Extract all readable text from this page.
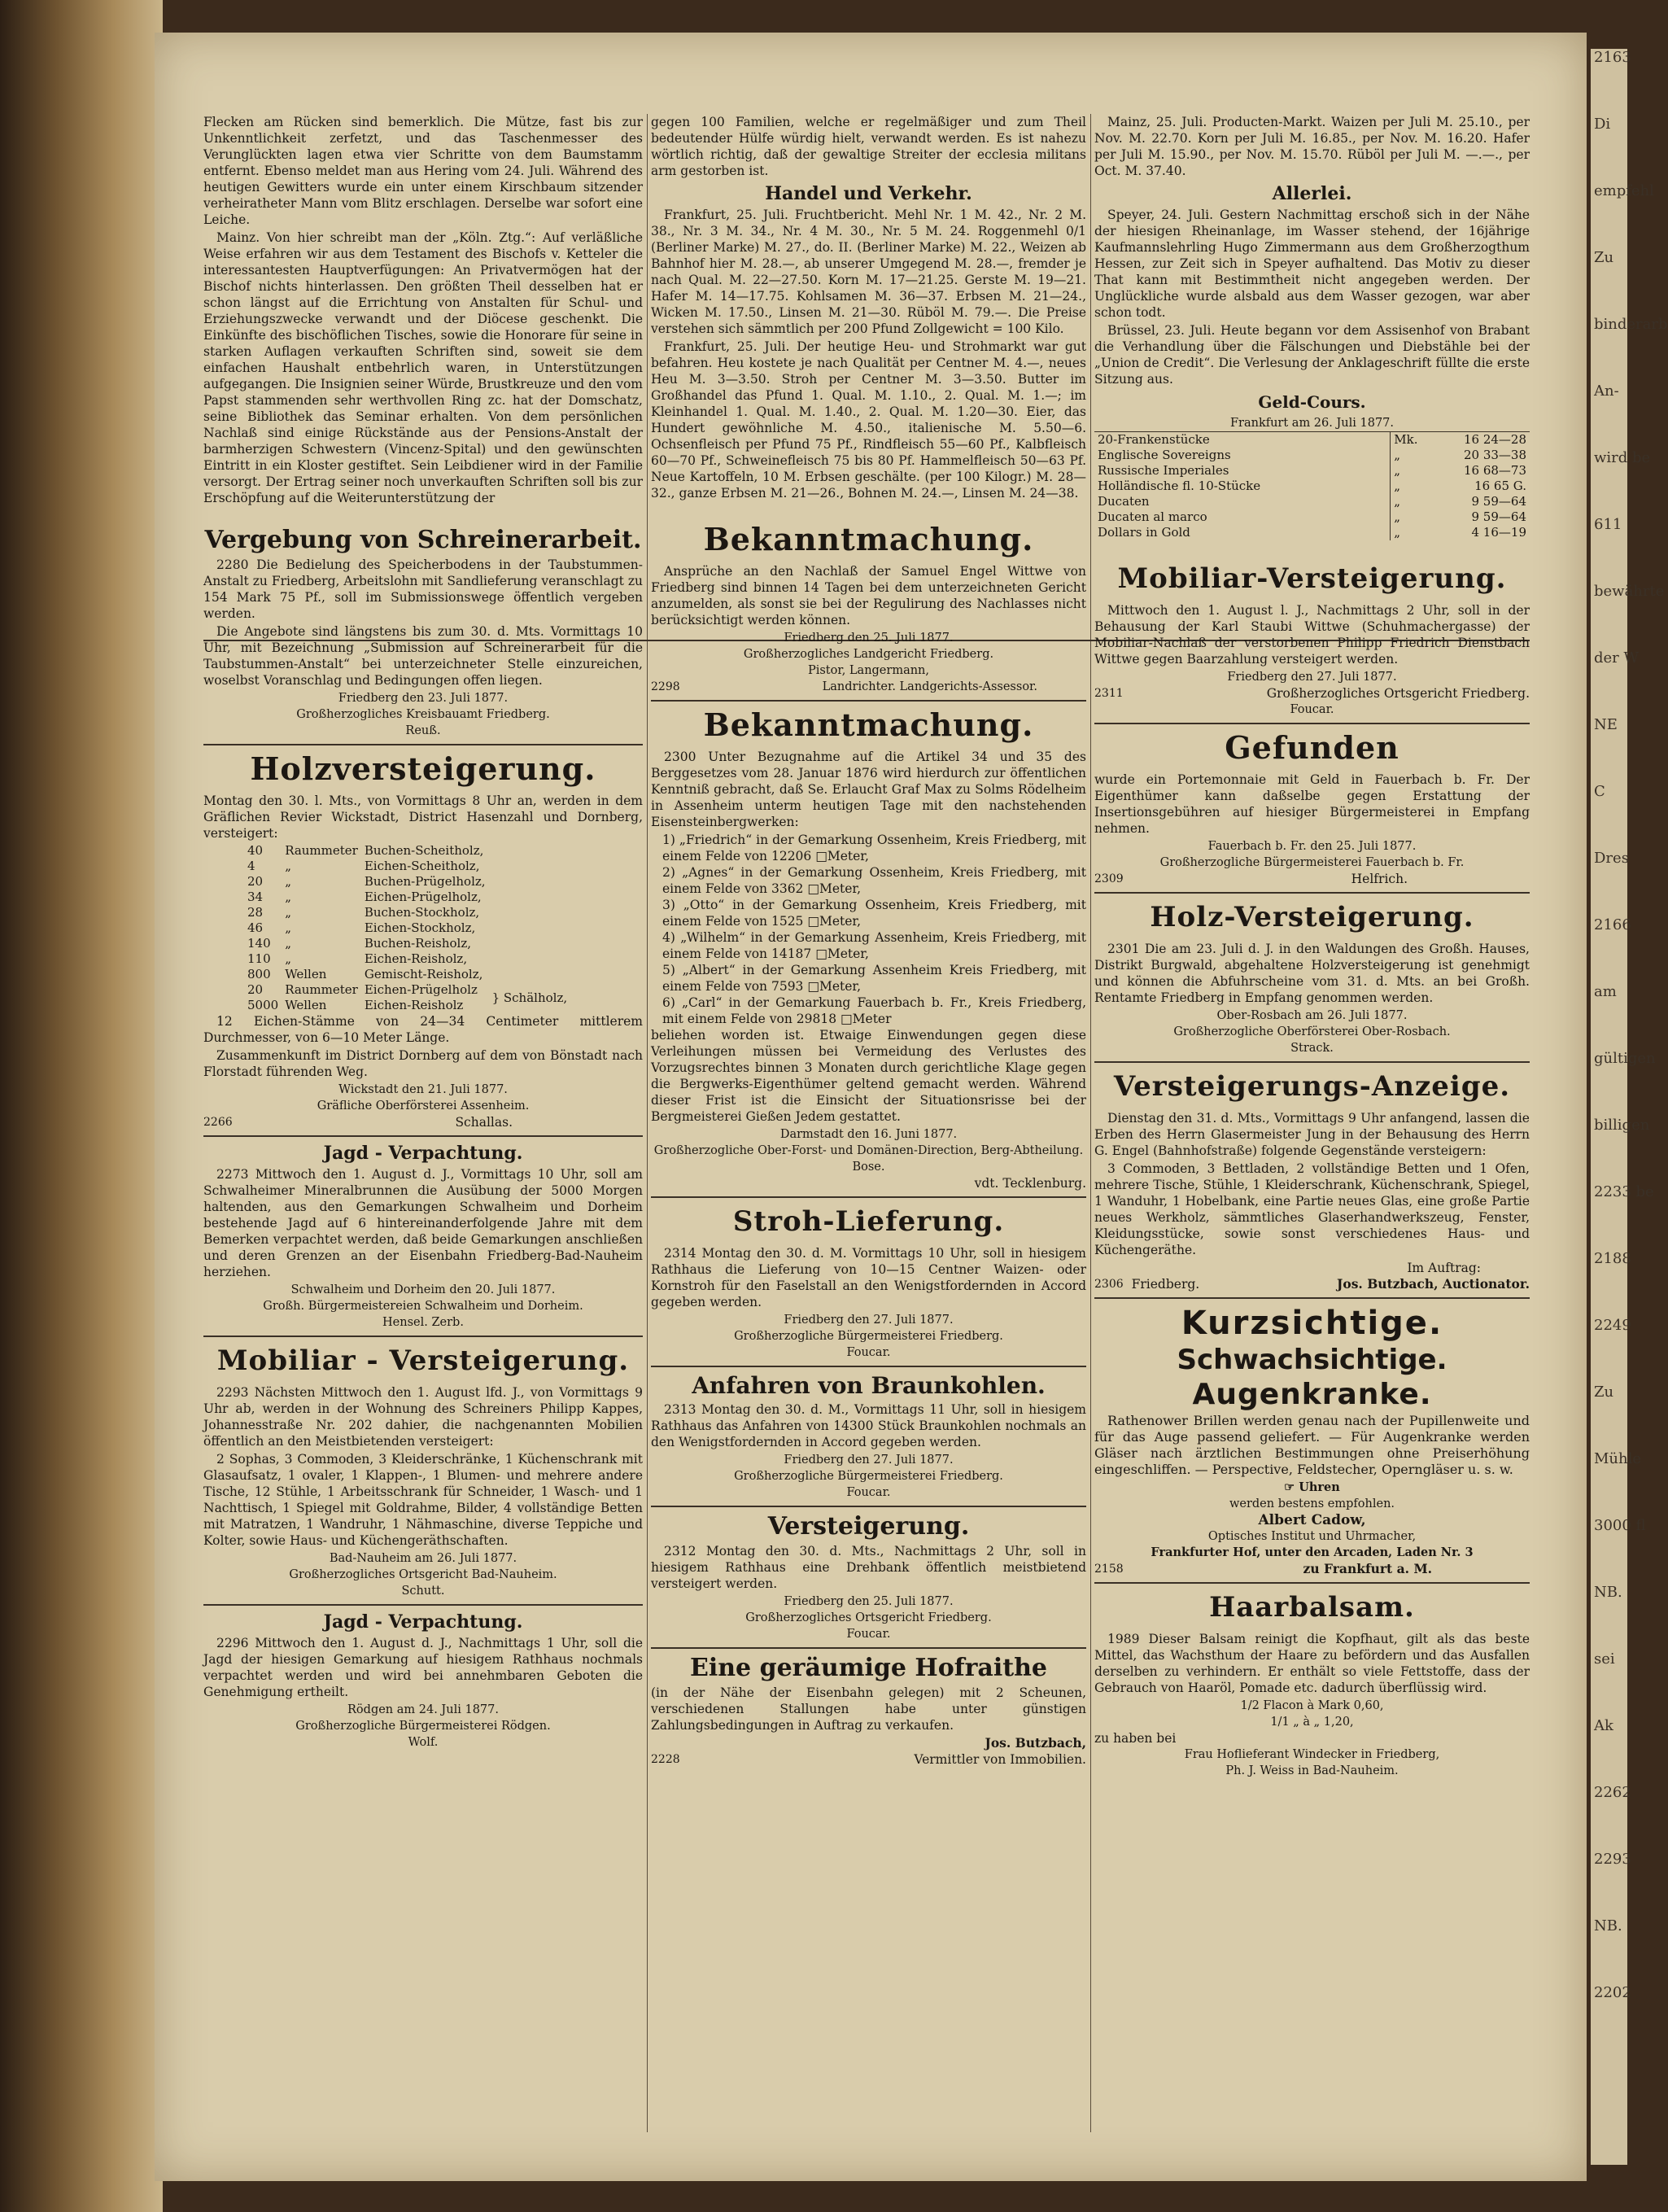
2163
Di
empfehl
Zu
binderarb
An-
wird be
611
bewährte
der W
NE
C
Dres
2166
am
gültigen
billigen
2233 be
2188
2249
Zu
Mühle
3000 fl
NB.
sei
Ak
2262
2293
NB.
2202

Flecken am Rücken sind bemerklich. Die Mütze, fast bis zur Unkenntlichkeit zerfetzt, und das Taschenmesser des Verunglückten lagen etwa vier Schritte von dem Baumstamm entfernt. Ebenso meldet man aus Hering vom 24. Juli. Während des heutigen Gewitters wurde ein unter einem Kirschbaum sitzender verheiratheter Mann vom Blitz erschlagen. Derselbe war sofort eine Leiche.

Mainz. Von hier schreibt man der „Köln. Ztg.“: Auf verläßliche Weise erfahren wir aus dem Testament des Bischofs v. Ketteler die interessantesten Hauptverfügungen: An Privatvermögen hat der Bischof nichts hinterlassen. Den größten Theil desselben hat er schon längst auf die Errichtung von Anstalten für Schul- und Erziehungszwecke verwandt und der Diöcese geschenkt. Die Einkünfte des bischöflichen Tisches, sowie die Honorare für seine in starken Auflagen verkauften Schriften sind, soweit sie dem einfachen Haushalt entbehrlich waren, in Unterstützungen aufgegangen. Die Insignien seiner Würde, Brustkreuze und den vom Papst stammenden sehr werthvollen Ring zc. hat der Domschatz, seine Bibliothek das Seminar erhalten. Von dem persönlichen Nachlaß sind einige Rückstände aus der Pensions-Anstalt der barmherzigen Schwestern (Vincenz-Spital) und den gewünschten Eintritt in ein Kloster gestiftet. Sein Leibdiener wird in der Familie versorgt. Der Ertrag seiner noch unverkauften Schriften soll bis zur Erschöpfung auf die Weiterunterstützung der

Vergebung von Schreinerarbeit.

2280 Die Bedielung des Speicherbodens in der Taubstummen-Anstalt zu Friedberg, Arbeitslohn mit Sandlieferung veranschlagt zu 154 Mark 75 Pf., soll im Submissionswege öffentlich vergeben werden.

Die Angebote sind längstens bis zum 30. d. Mts. Vormittags 10 Uhr, mit Bezeichnung „Submission auf Schreinerarbeit für die Taubstummen-Anstalt“ bei unterzeichneter Stelle einzureichen, woselbst Voranschlag und Bedingungen offen liegen.

Friedberg den 23. Juli 1877.
Großherzogliches Kreisbauamt Friedberg.
Reuß.
Holzversteigerung.

Montag den 30. l. Mts., von Vormittags 8 Uhr an, werden in dem Gräflichen Revier Wickstadt, District Hasenzahl und Dornberg, versteigert:

40	Raummeter	Buchen-Scheitholz,	
4	„	Eichen-Scheitholz,	
20	„	Buchen-Prügelholz,	
34	„	Eichen-Prügelholz,	
28	„	Buchen-Stockholz,	
46	„	Eichen-Stockholz,	
140	„	Buchen-Reisholz,	
110	„	Eichen-Reisholz,	
800	Wellen	Gemischt-Reisholz,	
20	Raummeter	Eichen-Prügelholz	} Schälholz,
5000	Wellen	Eichen-Reisholz	

12 Eichen-Stämme von 24—34 Centimeter mittlerem Durchmesser, von 6—10 Meter Länge.

Zusammenkunft im District Dornberg auf dem von Bönstadt nach Florstadt führenden Weg.

Wickstadt den 21. Juli 1877.
Gräfliche Oberförsterei Assenheim.
2266	Schallas.
Jagd - Verpachtung.

2273 Mittwoch den 1. August d. J., Vormittags 10 Uhr, soll am Schwalheimer Mineralbrunnen die Ausübung der 5000 Morgen haltenden, aus den Gemarkungen Schwalheim und Dorheim bestehende Jagd auf 6 hintereinanderfolgende Jahre mit dem Bemerken verpachtet werden, daß beide Gemarkungen anschließen und deren Grenzen an der Eisenbahn Friedberg-Bad-Nauheim herziehen.

Schwalheim und Dorheim den 20. Juli 1877.
Großh. Bürgermeistereien Schwalheim und Dorheim.
Hensel. Zerb.
Mobiliar - Versteigerung.

2293 Nächsten Mittwoch den 1. August lfd. J., von Vormittags 9 Uhr ab, werden in der Wohnung des Schreiners Philipp Kappes, Johannesstraße Nr. 202 dahier, die nachgenannten Mobilien öffentlich an den Meistbietenden versteigert:

2 Sophas, 3 Commoden, 3 Kleiderschränke, 1 Küchenschrank mit Glasaufsatz, 1 ovaler, 1 Klappen-, 1 Blumen- und mehrere andere Tische, 12 Stühle, 1 Arbeitsschrank für Schneider, 1 Wasch- und 1 Nachttisch, 1 Spiegel mit Goldrahme, Bilder, 4 vollständige Betten mit Matratzen, 1 Wandruhr, 1 Nähmaschine, diverse Teppiche und Kolter, sowie Haus- und Küchengeräthschaften.

Bad-Nauheim am 26. Juli 1877.
Großherzogliches Ortsgericht Bad-Nauheim.
Schutt.
Jagd - Verpachtung.

2296 Mittwoch den 1. August d. J., Nachmittags 1 Uhr, soll die Jagd der hiesigen Gemarkung auf hiesigem Rathhaus nochmals verpachtet werden und wird bei annehmbaren Geboten die Genehmigung ertheilt.

Rödgen am 24. Juli 1877.
Großherzogliche Bürgermeisterei Rödgen.
Wolf.

gegen 100 Familien, welche er regelmäßiger und zum Theil bedeutender Hülfe würdig hielt, verwandt werden. Es ist nahezu wörtlich richtig, daß der gewaltige Streiter der ecclesia militans arm gestorben ist.

Handel und Verkehr.

Frankfurt, 25. Juli. Fruchtbericht. Mehl Nr. 1 M. 42., Nr. 2 M. 38., Nr. 3 M. 34., Nr. 4 M. 30., Nr. 5 M. 24. Roggenmehl 0/1 (Berliner Marke) M. 27., do. II. (Berliner Marke) M. 22., Weizen ab Bahnhof hier M. 28.—, ab unserer Umgegend M. 28.—, fremder je nach Qual. M. 22—27.50. Korn M. 17—21.25. Gerste M. 19—21. Hafer M. 14—17.75. Kohlsamen M. 36—37. Erbsen M. 21—24., Wicken M. 17.50., Linsen M. 21—30. Rüböl M. 79.—. Die Preise verstehen sich sämmtlich per 200 Pfund Zollgewicht = 100 Kilo.

Frankfurt, 25. Juli. Der heutige Heu- und Strohmarkt war gut befahren. Heu kostete je nach Qualität per Centner M. 4.—, neues Heu M. 3—3.50. Stroh per Centner M. 3—3.50. Butter im Großhandel das Pfund 1. Qual. M. 1.10., 2. Qual. M. 1.—; im Kleinhandel 1. Qual. M. 1.40., 2. Qual. M. 1.20—30. Eier, das Hundert gewöhnliche M. 4.50., italienische M. 5.50—6. Ochsenfleisch per Pfund 75 Pf., Rindfleisch 55—60 Pf., Kalbfleisch 60—70 Pf., Schweinefleisch 75 bis 80 Pf. Hammelfleisch 50—63 Pf. Neue Kartoffeln, 10 M. Erbsen geschälte. (per 100 Kilogr.) M. 28—32., ganze Erbsen M. 21—26., Bohnen M. 24.—, Linsen M. 24—38.

Bekanntmachung.

Ansprüche an den Nachlaß der Samuel Engel Wittwe von Friedberg sind binnen 14 Tagen bei dem unterzeichneten Gericht anzumelden, als sonst sie bei der Regulirung des Nachlasses nicht berücksichtigt werden können.

Friedberg den 25. Juli 1877.
Großherzogliches Landgericht Friedberg.
Pistor, Langermann,
2298	Landrichter. Landgerichts-Assessor.
Bekanntmachung.

2300 Unter Bezugnahme auf die Artikel 34 und 35 des Berggesetzes vom 28. Januar 1876 wird hierdurch zur öffentlichen Kenntniß gebracht, daß Se. Erlaucht Graf Max zu Solms Rödelheim in Assenheim unterm heutigen Tage mit den nachstehenden Eisensteinbergwerken:

1) „Friedrich“ in der Gemarkung Ossenheim, Kreis Friedberg, mit einem Felde von 12206 □Meter,
2) „Agnes“ in der Gemarkung Ossenheim, Kreis Friedberg, mit einem Felde von 3362 □Meter,
3) „Otto“ in der Gemarkung Ossenheim, Kreis Friedberg, mit einem Felde von 1525 □Meter,
4) „Wilhelm“ in der Gemarkung Assenheim, Kreis Friedberg, mit einem Felde von 14187 □Meter,
5) „Albert“ in der Gemarkung Assenheim Kreis Friedberg, mit einem Felde von 7593 □Meter,
6) „Carl“ in der Gemarkung Fauerbach b. Fr., Kreis Friedberg, mit einem Felde von 29818 □Meter

beliehen worden ist. Etwaige Einwendungen gegen diese Verleihungen müssen bei Vermeidung des Verlustes des Vorzugsrechtes binnen 3 Monaten durch gerichtliche Klage gegen die Bergwerks-Eigenthümer geltend gemacht werden. Während dieser Frist ist die Einsicht der Situationsrisse bei der Bergmeisterei Gießen Jedem gestattet.

Darmstadt den 16. Juni 1877.
Großherzogliche Ober-Forst- und Domänen-Direction, Berg-Abtheilung.
Bose.
vdt. Tecklenburg.
Stroh-Lieferung.

2314 Montag den 30. d. M. Vormittags 10 Uhr, soll in hiesigem Rathhaus die Lieferung von 10—15 Centner Waizen- oder Kornstroh für den Faselstall an den Wenigstfordernden in Accord gegeben werden.

Friedberg den 27. Juli 1877.
Großherzogliche Bürgermeisterei Friedberg.
Foucar.
Anfahren von Braunkohlen.

2313 Montag den 30. d. M., Vormittags 11 Uhr, soll in hiesigem Rathhaus das Anfahren von 14300 Stück Braunkohlen nochmals an den Wenigstfordernden in Accord gegeben werden.

Friedberg den 27. Juli 1877.
Großherzogliche Bürgermeisterei Friedberg.
Foucar.
Versteigerung.

2312 Montag den 30. d. Mts., Nachmittags 2 Uhr, soll in hiesigem Rathhaus eine Drehbank öffentlich meistbietend versteigert werden.

Friedberg den 25. Juli 1877.
Großherzogliches Ortsgericht Friedberg.
Foucar.
Eine geräumige Hofraithe

(in der Nähe der Eisenbahn gelegen) mit 2 Scheunen, verschiedenen Stallungen habe unter günstigen Zahlungsbedingungen in Auftrag zu verkaufen.

Jos. Butzbach,
2228	Vermittler von Immobilien.

Mainz, 25. Juli. Producten-Markt. Waizen per Juli M. 25.10., per Nov. M. 22.70. Korn per Juli M. 16.85., per Nov. M. 16.20. Hafer per Juli M. 15.90., per Nov. M. 15.70. Rüböl per Juli M. —.—., per Oct. M. 37.40.

Allerlei.

Speyer, 24. Juli. Gestern Nachmittag erschoß sich in der Nähe der hiesigen Rheinanlage, im Wasser stehend, der 16jährige Kaufmannslehrling Hugo Zimmermann aus dem Großherzogthum Hessen, zur Zeit sich in Speyer aufhaltend. Das Motiv zu dieser That kann mit Bestimmtheit nicht angegeben werden. Der Unglückliche wurde alsbald aus dem Wasser gezogen, war aber schon todt.

Brüssel, 23. Juli. Heute begann vor dem Assisenhof von Brabant die Verhandlung über die Fälschungen und Diebstähle bei der „Union de Credit“. Die Verlesung der Anklageschrift füllte die erste Sitzung aus.

Geld-Cours.
Frankfurt am 26. Juli 1877.
20-Frankenstücke	Mk.	16 24—28
Englische Sovereigns	„	20 33—38
Russische Imperiales	„	16 68—73
Holländische fl. 10-Stücke	„	16 65 G.
Ducaten	„	9 59—64
Ducaten al marco	„	9 59—64
Dollars in Gold	„	4 16—19
Mobiliar-Versteigerung.

Mittwoch den 1. August l. J., Nachmittags 2 Uhr, soll in der Behausung der Karl Staubi Wittwe (Schuhmachergasse) der Mobiliar-Nachlaß der verstorbenen Philipp Friedrich Dienstbach Wittwe gegen Baarzahlung versteigert werden.

Friedberg den 27. Juli 1877.
2311	Großherzogliches Ortsgericht Friedberg.
Foucar.
Gefunden

wurde ein Portemonnaie mit Geld in Fauerbach b. Fr. Der Eigenthümer kann daßselbe gegen Erstattung der Insertionsgebühren auf hiesiger Bürgermeisterei in Empfang nehmen.

Fauerbach b. Fr. den 25. Juli 1877.
Großherzogliche Bürgermeisterei Fauerbach b. Fr.
2309	Helfrich.
Holz-Versteigerung.

2301 Die am 23. Juli d. J. in den Waldungen des Großh. Hauses, Distrikt Burgwald, abgehaltene Holzversteigerung ist genehmigt und können die Abfuhrscheine vom 31. d. Mts. an bei Großh. Rentamte Friedberg in Empfang genommen werden.

Ober-Rosbach am 26. Juli 1877.
Großherzogliche Oberförsterei Ober-Rosbach.
Strack.
Versteigerungs-Anzeige.

Dienstag den 31. d. Mts., Vormittags 9 Uhr anfangend, lassen die Erben des Herrn Glasermeister Jung in der Behausung des Herrn G. Engel (Bahnhofstraße) folgende Gegenstände versteigern:

3 Commoden, 3 Bettladen, 2 vollständige Betten und 1 Ofen, mehrere Tische, Stühle, 1 Kleiderschrank, Küchenschrank, Spiegel, 1 Wanduhr, 1 Hobelbank, eine Partie neues Glas, eine große Partie neues Werkholz, sämmtliches Glaserhandwerkszeug, Fenster, Kleidungsstücke, sowie sonst verschiedenes Haus- und Küchengeräthe.

Im Auftrag:
2306 Friedberg.	Jos. Butzbach, Auctionator.
Kurzsichtige.
Schwachsichtige.
Augenkranke.

Rathenower Brillen werden genau nach der Pupillenweite und für das Auge passend geliefert. — Für Augenkranke werden Gläser nach ärztlichen Bestimmungen ohne Preiserhöhung eingeschliffen. — Perspective, Feldstecher, Operngläser u. s. w.

☞ Uhren
werden bestens empfohlen.
Albert Cadow,
Optisches Institut und Uhrmacher,
Frankfurter Hof, unter den Arcaden, Laden Nr. 3
2158	zu Frankfurt a. M.
Haarbalsam.

1989 Dieser Balsam reinigt die Kopfhaut, gilt als das beste Mittel, das Wachsthum der Haare zu befördern und das Ausfallen derselben zu verhindern. Er enthält so viele Fettstoffe, dass der Gebrauch von Haaröl, Pomade etc. dadurch überflüssig wird.

1/2 Flacon à Mark 0,60,
1/1 „ à „ 1,20,
zu haben bei
Frau Hoflieferant Windecker in Friedberg,
Ph. J. Weiss in Bad-Nauheim.
